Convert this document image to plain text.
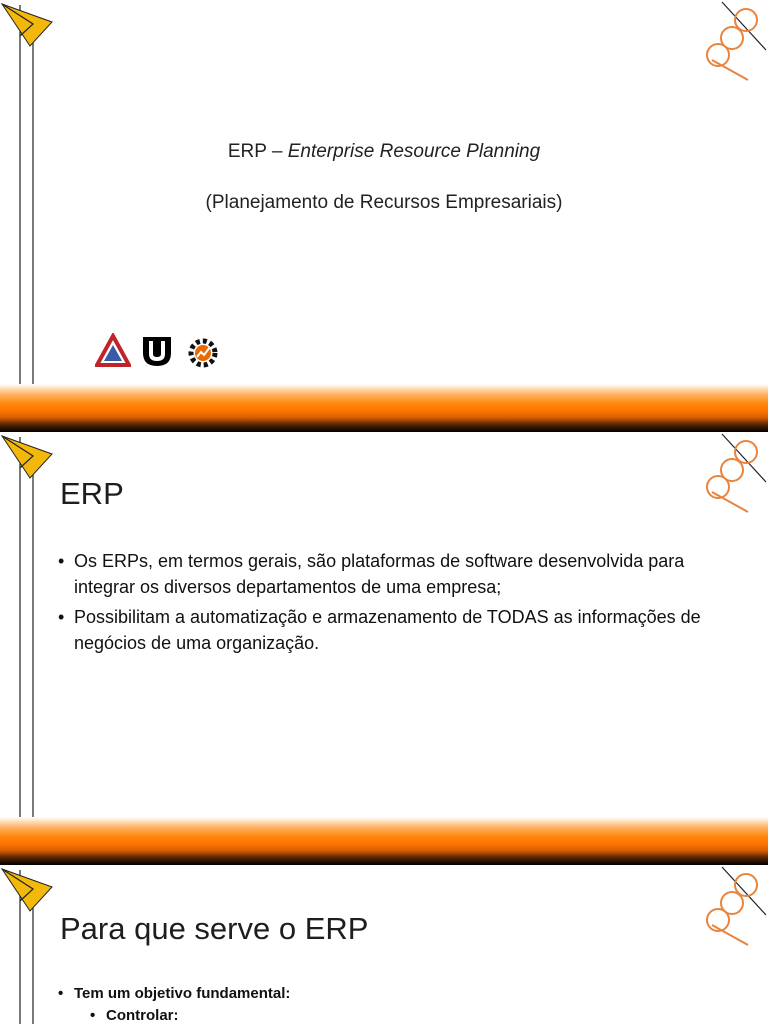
ERP – Enterprise Resource Planning
(Planejamento de Recursos Empresariais)
ERP
• Os ERPs, em termos gerais, são plataformas de software desenvolvida para integrar os diversos departamentos de uma empresa;
• Possibilitam a automatização e armazenamento de TODAS as informações de negócios de uma organização.
Para que serve o ERP
• Tem um objetivo fundamental:
• Controlar:
